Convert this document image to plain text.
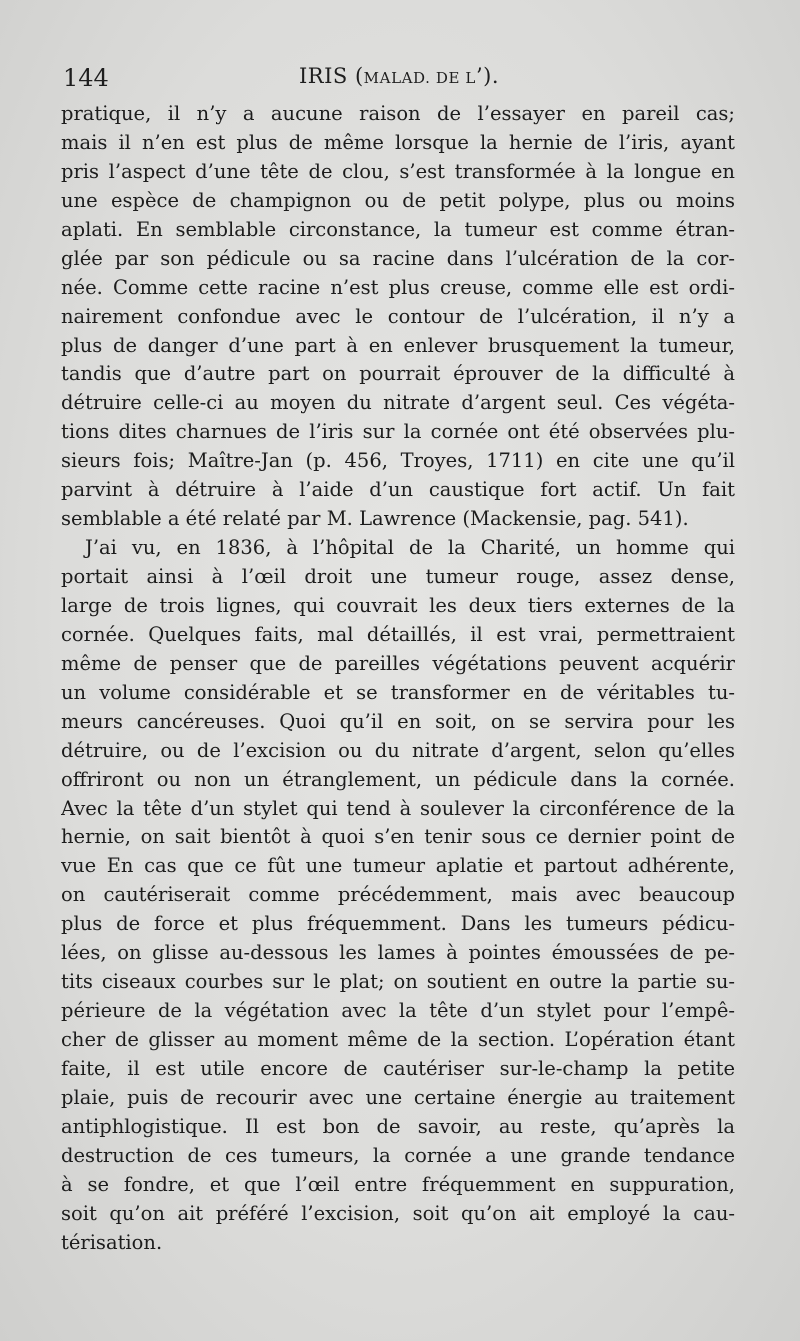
144	IRIS (MALAD. DE L’).
pratique, il n’y a aucune raison de l’essayer en pareil cas;
mais il n’en est plus de même lorsque la hernie de l’iris, ayant
pris l’aspect d’une tête de clou, s’est transformée à la longue en
une espèce de champignon ou de petit polype, plus ou moins
aplati. En semblable circonstance, la tumeur est comme étran-
glée par son pédicule ou sa racine dans l’ulcération de la cor-
née. Comme cette racine n’est plus creuse, comme elle est ordi-
nairement confondue avec le contour de l’ulcération, il n’y a
plus de danger d’une part à en enlever brusquement la tumeur,
tandis que d’autre part on pourrait éprouver de la difficulté à
détruire celle-ci au moyen du nitrate d’argent seul. Ces végéta-
tions dites charnues de l’iris sur la cornée ont été observées plu-
sieurs fois; Maître-Jan (p. 456, Troyes, 1711) en cite une qu’il
parvint à détruire à l’aide d’un caustique fort actif. Un fait
semblable a été relaté par M. Lawrence (Mackensie, pag. 541).
J’ai vu, en 1836, à l’hôpital de la Charité, un homme qui
portait ainsi à l’œil droit une tumeur rouge, assez dense,
large de trois lignes, qui couvrait les deux tiers externes de la
cornée. Quelques faits, mal détaillés, il est vrai, permettraient
même de penser que de pareilles végétations peuvent acquérir
un volume considérable et se transformer en de véritables tu-
meurs cancéreuses. Quoi qu’il en soit, on se servira pour les
détruire, ou de l’excision ou du nitrate d’argent, selon qu’elles
offriront ou non un étranglement, un pédicule dans la cornée.
Avec la tête d’un stylet qui tend à soulever la circonférence de la
hernie, on sait bientôt à quoi s’en tenir sous ce dernier point de
vue En cas que ce fût une tumeur aplatie et partout adhérente,
on cautériserait comme précédemment, mais avec beaucoup
plus de force et plus fréquemment. Dans les tumeurs pédicu-
lées, on glisse au-dessous les lames à pointes émoussées de pe-
tits ciseaux courbes sur le plat; on soutient en outre la partie su-
périeure de la végétation avec la tête d’un stylet pour l’empê-
cher de glisser au moment même de la section. L’opération étant
faite, il est utile encore de cautériser sur-le-champ la petite
plaie, puis de recourir avec une certaine énergie au traitement
antiphlogistique. Il est bon de savoir, au reste, qu’après la
destruction de ces tumeurs, la cornée a une grande tendance
à se fondre, et que l’œil entre fréquemment en suppuration,
soit qu’on ait préféré l’excision, soit qu’on ait employé la cau-
térisation.
